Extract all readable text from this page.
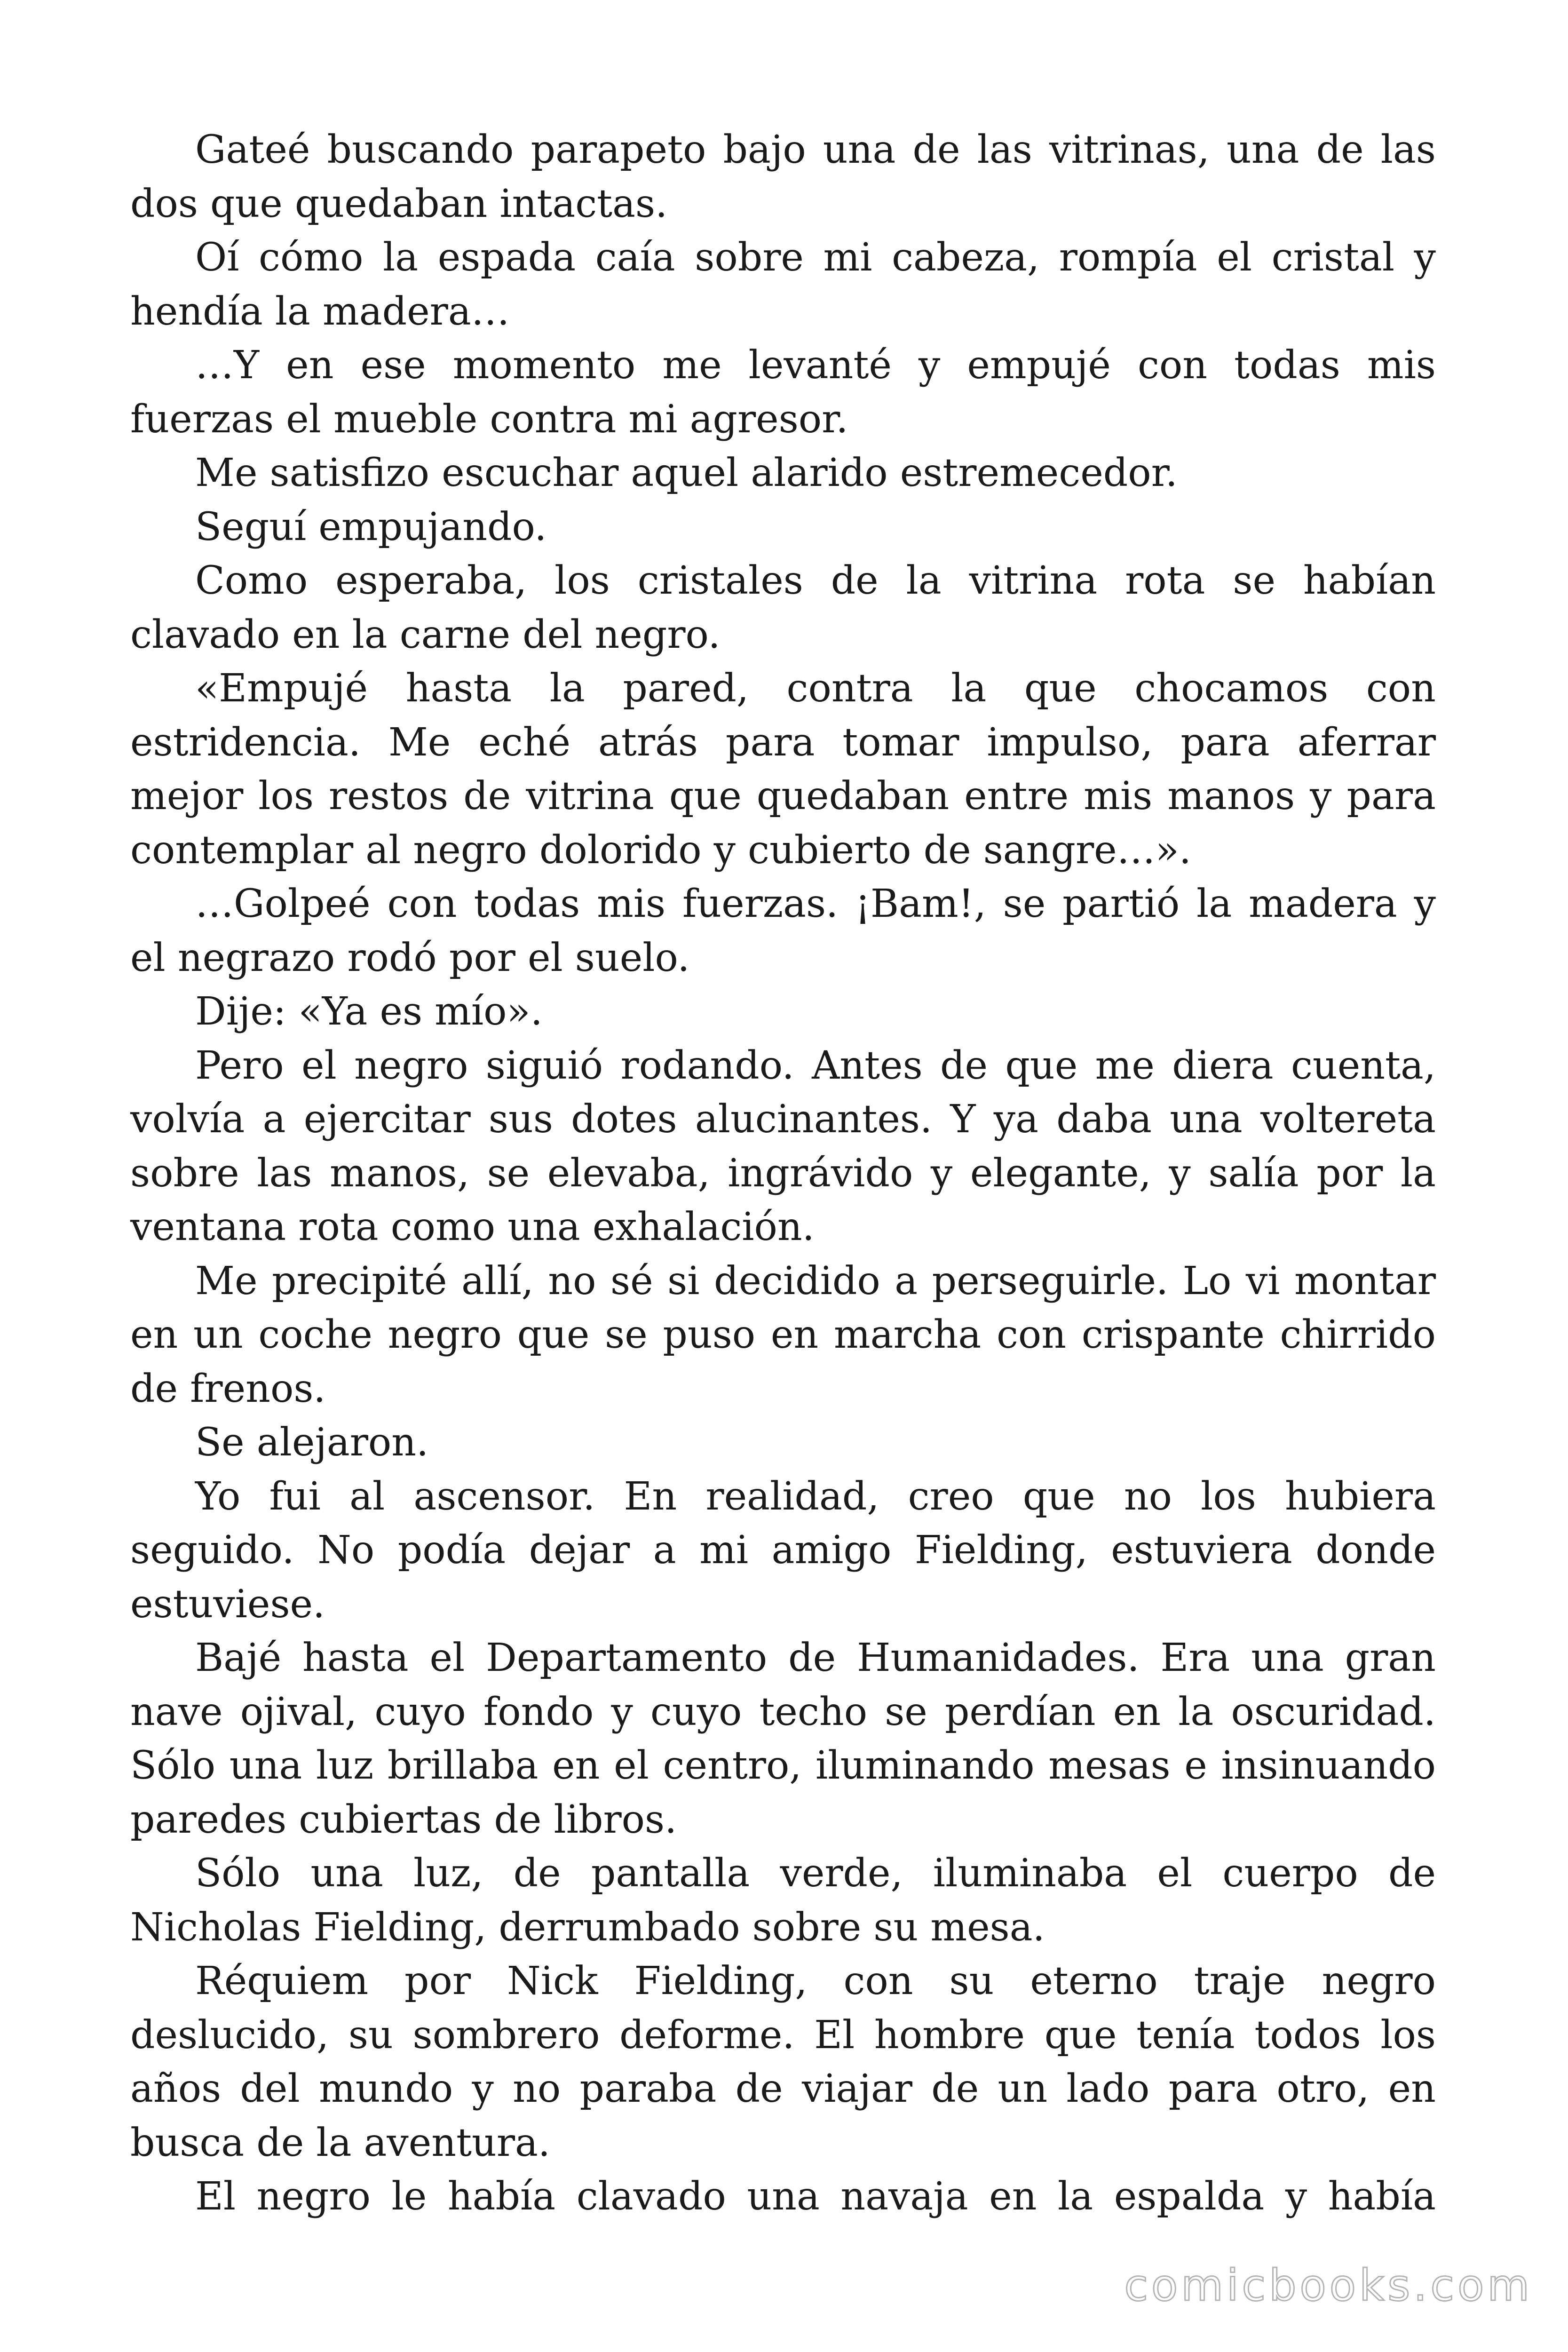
Gateé buscando parapeto bajo una de las vitrinas, una de las dos que quedaban intactas.

Oí cómo la espada caía sobre mi cabeza, rompía el cristal y hendía la madera…

…Y en ese momento me levanté y empujé con todas mis fuerzas el mueble contra mi agresor.

Me satisfizo escuchar aquel alarido estremecedor.

Seguí empujando.

Como esperaba, los cristales de la vitrina rota se habían clavado en la carne del negro.

«Empujé hasta la pared, contra la que chocamos con estridencia. Me eché atrás para tomar impulso, para aferrar mejor los restos de vitrina que quedaban entre mis manos y para contemplar al negro dolorido y cubierto de sangre…».

…Golpeé con todas mis fuerzas. ¡Bam!, se partió la madera y el negrazo rodó por el suelo.

Dije: «Ya es mío».

Pero el negro siguió rodando. Antes de que me diera cuenta, volvía a ejercitar sus dotes alucinantes. Y ya daba una voltereta sobre las manos, se elevaba, ingrávido y elegante, y salía por la ventana rota como una exhalación.

Me precipité allí, no sé si decidido a perseguirle. Lo vi montar en un coche negro que se puso en marcha con crispante chirrido de frenos.

Se alejaron.

Yo fui al ascensor. En realidad, creo que no los hubiera seguido. No podía dejar a mi amigo Fielding, estuviera donde estuviese.

Bajé hasta el Departamento de Humanidades. Era una gran nave ojival, cuyo fondo y cuyo techo se perdían en la oscuridad. Sólo una luz brillaba en el centro, iluminando mesas e insinuando paredes cubiertas de libros.

Sólo una luz, de pantalla verde, iluminaba el cuerpo de Nicholas Fielding, derrumbado sobre su mesa.

Réquiem por Nick Fielding, con su eterno traje negro deslucido, su sombrero deforme. El hombre que tenía todos los años del mundo y no paraba de viajar de un lado para otro, en busca de la aventura.

El negro le había clavado una navaja en la espalda y había

comicbooks.com
